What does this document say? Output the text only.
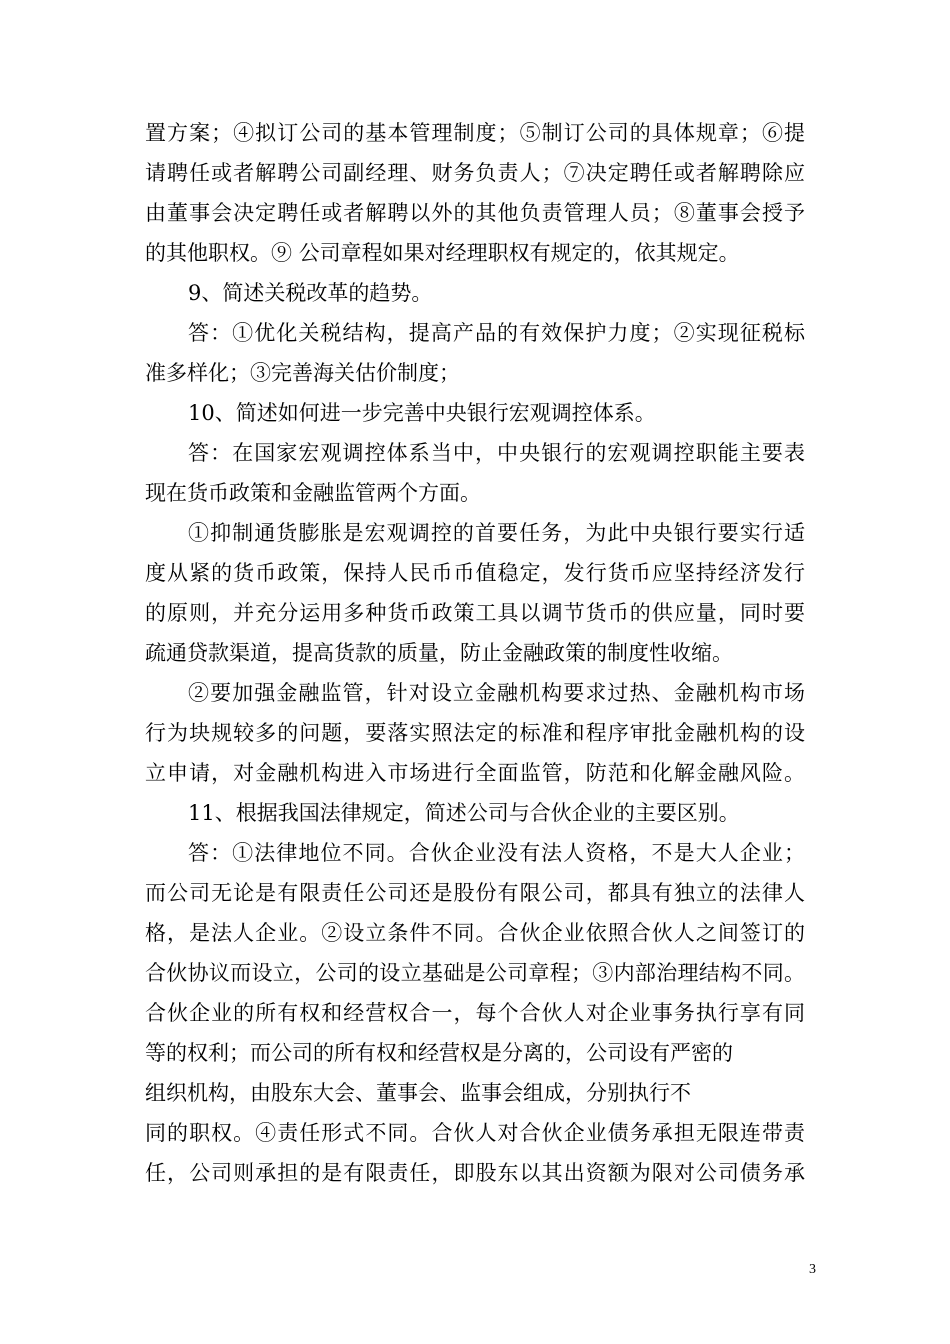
置方案；④拟订公司的基本管理制度；⑤制订公司的具体规章；⑥提

请聘任或者解聘公司副经理、财务负责人；⑦决定聘任或者解聘除应

由董事会决定聘任或者解聘以外的其他负责管理人员；⑧董事会授予

的其他职权。⑨ 公司章程如果对经理职权有规定的，依其规定。

9、简述关税改革的趋势。

答：①优化关税结构，提高产品的有效保护力度；②实现征税标

准多样化；③完善海关估价制度；

10、简述如何进一步完善中央银行宏观调控体系。

答：在国家宏观调控体系当中，中央银行的宏观调控职能主要表

现在货币政策和金融监管两个方面。

①抑制通货膨胀是宏观调控的首要任务，为此中央银行要实行适

度从紧的货币政策，保持人民币币值稳定，发行货币应坚持经济发行

的原则，并充分运用多种货币政策工具以调节货币的供应量，同时要

疏通贷款渠道，提高货款的质量，防止金融政策的制度性收缩。

②要加强金融监管，针对设立金融机构要求过热、金融机构市场

行为块规较多的问题，要落实照法定的标准和程序审批金融机构的设

立申请，对金融机构进入市场进行全面监管，防范和化解金融风险。

11、根据我国法律规定，简述公司与合伙企业的主要区别。

答：①法律地位不同。合伙企业没有法人资格，不是大人企业；

而公司无论是有限责任公司还是股份有限公司，都具有独立的法律人

格，是法人企业。②设立条件不同。合伙企业依照合伙人之间签订的

合伙协议而设立，公司的设立基础是公司章程；③内部治理结构不同。

合伙企业的所有权和经营权合一，每个合伙人对企业事务执行享有同

等的权利；而公司的所有权和经营权是分离的，公司设有严密的

组织机构，由股东大会、董事会、监事会组成，分别执行不

同的职权。④责任形式不同。合伙人对合伙企业债务承担无限连带责

任，公司则承担的是有限责任，即股东以其出资额为限对公司债务承

3
